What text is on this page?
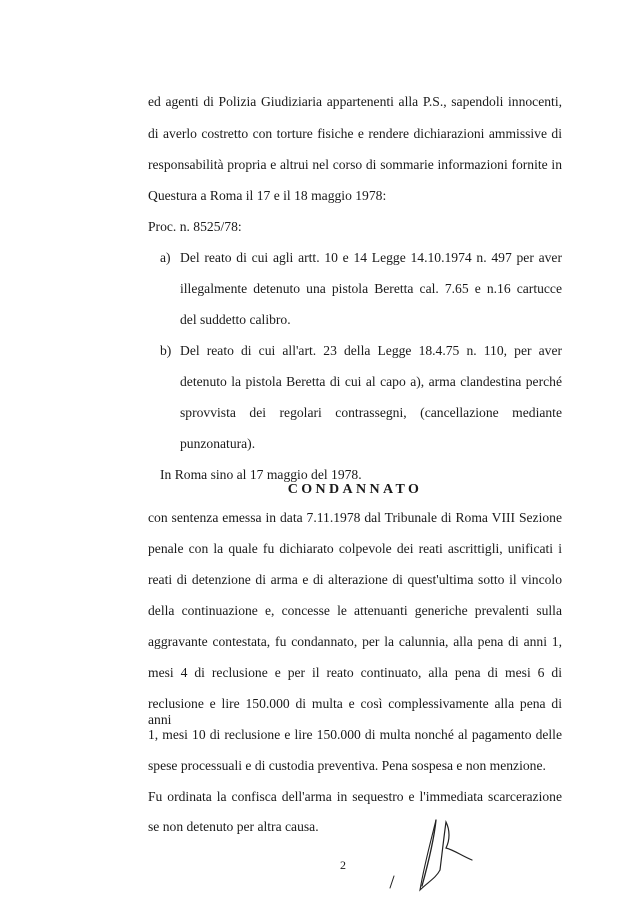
ed agenti di Polizia Giudiziaria appartenenti alla P.S., sapendoli innocenti,
di averlo costretto con torture fisiche e rendere dichiarazioni ammissive di
responsabilità propria e altrui nel corso di sommarie informazioni fornite in
Questura a Roma il 17 e il 18 maggio 1978:
Proc. n. 8525/78:
a) Del reato di cui agli artt. 10 e 14 Legge 14.10.1974 n. 497 per aver
illegalmente detenuto una pistola Beretta cal. 7.65 e n.16 cartucce
del suddetto calibro.
b) Del reato di cui all'art. 23 della Legge 18.4.75 n. 110, per aver
detenuto la pistola Beretta di cui al capo a), arma clandestina perché
sprovvista dei regolari contrassegni, (cancellazione mediante
punzonatura).
In Roma sino al 17 maggio del 1978.
CONDANNATO
con sentenza emessa in data 7.11.1978 dal Tribunale di Roma VIII Sezione
penale con la quale fu dichiarato colpevole dei reati ascrittigli, unificati i
reati di detenzione di arma e di alterazione di quest'ultima sotto il vincolo
della continuazione e, concesse le attenuanti generiche prevalenti sulla
aggravante contestata, fu condannato, per la calunnia, alla pena di anni 1,
mesi 4 di reclusione e per il reato continuato, alla pena di mesi 6 di
reclusione e lire 150.000 di multa e così complessivamente alla pena di anni
1, mesi 10 di reclusione e lire 150.000 di multa nonché al pagamento delle
spese processuali e di custodia preventiva. Pena sospesa e non menzione.
Fu ordinata la confisca dell'arma in sequestro e l'immediata scarcerazione
se non detenuto per altra causa.
2
